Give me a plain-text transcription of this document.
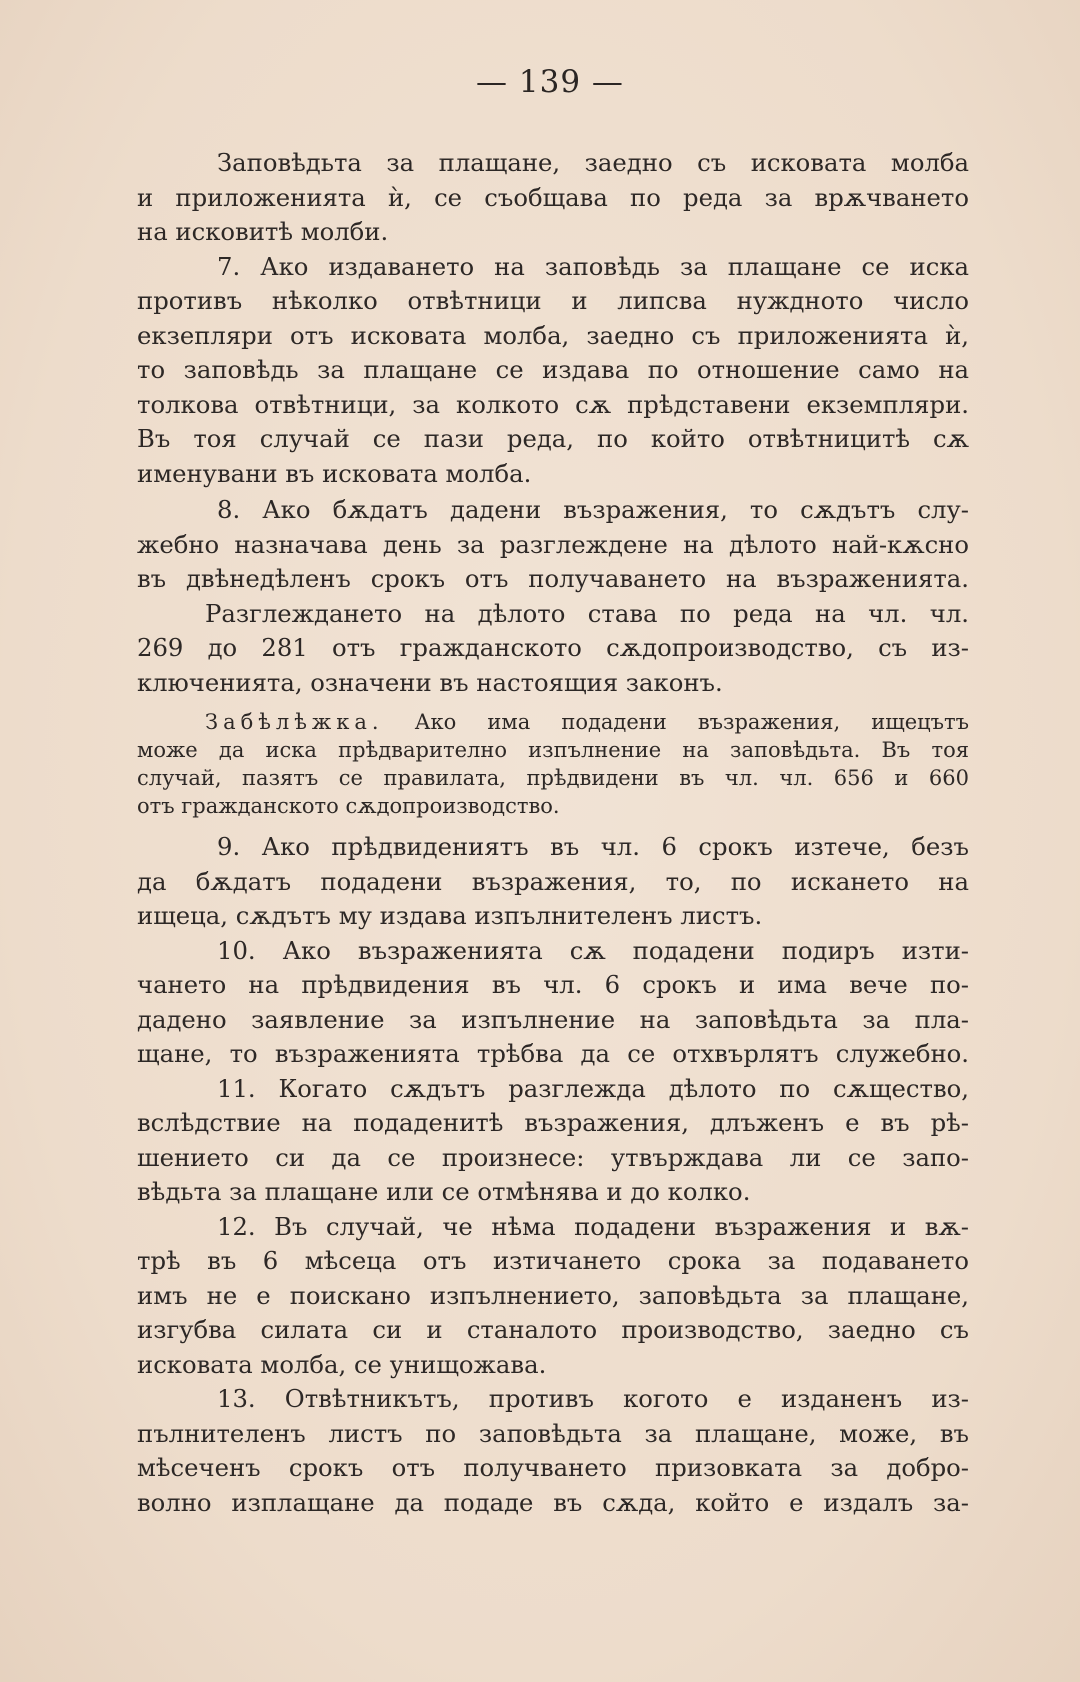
— 139 —
Заповѣдьта за плащане, заедно съ исковата молба
и приложенията ѝ, се съобщава по реда за врѫчването
на исковитѣ молби.
7. Ако издаването на заповѣдь за плащане се иска
противъ нѣколко отвѣтници и липсва нуждното число
екзепляри отъ исковата молба, заедно съ приложенията ѝ,
то заповѣдь за плащане се издава по отношение само на
толкова отвѣтници, за колкото сѫ прѣдставени екземпляри.
Въ тоя случай се пази реда, по който отвѣтницитѣ сѫ
именувани въ исковата молба.
8. Ако бѫдатъ дадени възражения, то сѫдътъ слу-
жебно назначава день за разглеждене на дѣлото най-кѫсно
въ двѣнедѣленъ срокъ отъ получаването на възраженията.
Разглеждането на дѣлото става по реда на чл. чл.
269 до 281 отъ гражданското сѫдопроизводство, съ из-
ключенията, означени въ настоящия законъ.
Забѣлѣжка. Ако има подадени възражения, ищецътъ
може да иска прѣдварително изпълнение на заповѣдьта. Въ тоя
случай, пазятъ се правилата, прѣдвидени въ чл. чл. 656 и 660
отъ гражданското сѫдопроизводство.
9. Ако прѣдвидениятъ въ чл. 6 срокъ изтече, безъ
да бѫдатъ подадени възражения, то, по искането на
ищеца, сѫдътъ му издава изпълнителенъ листъ.
10. Ако възраженията сѫ подадени подиръ изти-
чането на прѣдвидения въ чл. 6 срокъ и има вече по-
дадено заявление за изпълнение на заповѣдьта за пла-
щане, то възраженията трѣбва да се отхвърлятъ служебно.
11. Когато сѫдътъ разглежда дѣлото по сѫщество,
вслѣдствие на подаденитѣ възражения, длъженъ е въ рѣ-
шението си да се произнесе: утвърждава ли се запо-
вѣдьта за плащане или се отмѣнява и до колко.
12. Въ случай, че нѣма подадени възражения и вѫ-
трѣ въ 6 мѣсеца отъ изтичането срока за подаването
имъ не е поискано изпълнението, заповѣдьта за плащане,
изгубва силата си и станалото производство, заедно съ
исковата молба, се унищожава.
13. Отвѣтникътъ, противъ когото е изданенъ из-
пълнителенъ листъ по заповѣдьта за плащане, може, въ
мѣсеченъ срокъ отъ получването призовката за добро-
волно изплащане да подаде въ сѫда, който е издалъ за-
